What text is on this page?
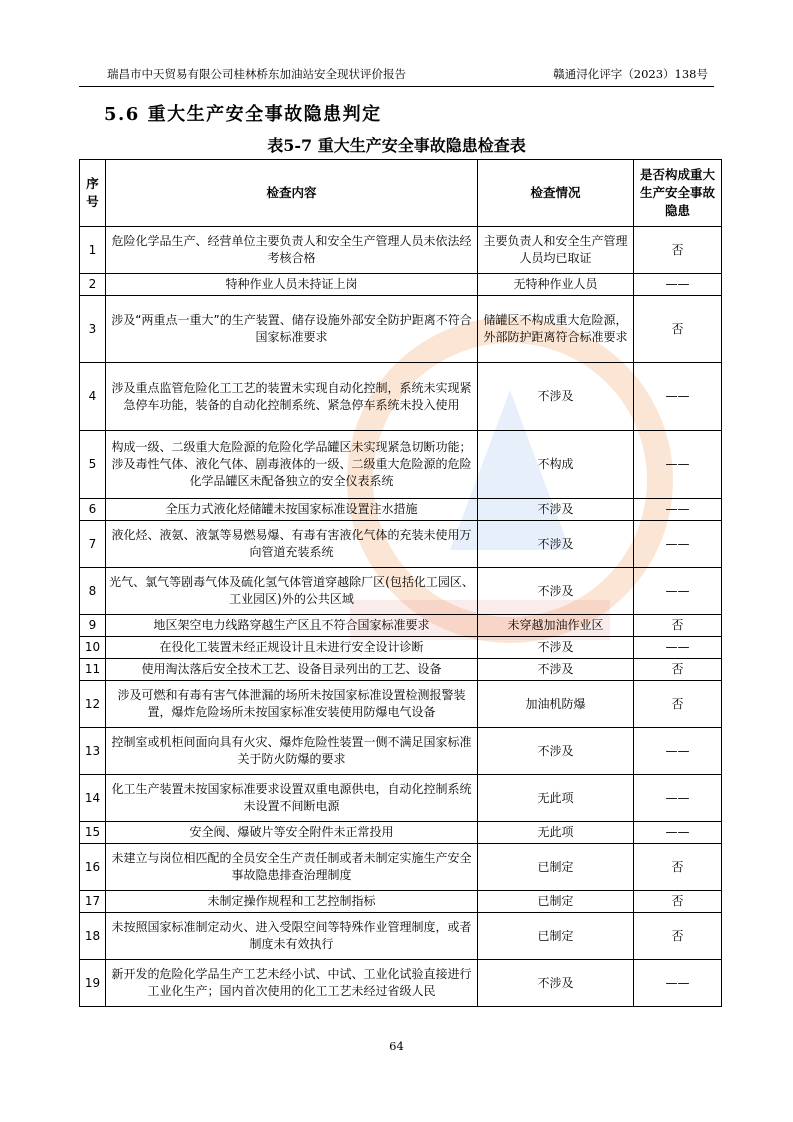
瑞昌市中天贸易有限公司桂林桥东加油站安全现状评价报告	赣通浔化评字（2023）138号
5.6 重大生产安全事故隐患判定
表5-7 重大生产安全事故隐患检查表
序号	检查内容	检查情况	是否构成重大生产安全事故隐患
1	危险化学品生产、经营单位主要负责人和安全生产管理人员未依法经考核合格	主要负责人和安全生产管理人员均已取证	否
2	特种作业人员未持证上岗	无特种作业人员	——
3	涉及“两重点一重大”的生产装置、储存设施外部安全防护距离不符合国家标准要求	储罐区不构成重大危险源，外部防护距离符合标准要求	否
4	涉及重点监管危险化工工艺的装置未实现自动化控制，系统未实现紧急停车功能，装备的自动化控制系统、紧急停车系统未投入使用	不涉及	——
5	构成一级、二级重大危险源的危险化学品罐区未实现紧急切断功能；涉及毒性气体、液化气体、剧毒液体的一级、二级重大危险源的危险化学品罐区未配备独立的安全仪表系统	不构成	——
6	全压力式液化烃储罐未按国家标准设置注水措施	不涉及	——
7	液化烃、液氨、液氯等易燃易爆、有毒有害液化气体的充装未使用万向管道充装系统	不涉及	——
8	光气、氯气等剧毒气体及硫化氢气体管道穿越除厂区(包括化工园区、工业园区)外的公共区域	不涉及	——
9	地区架空电力线路穿越生产区且不符合国家标准要求	未穿越加油作业区	否
10	在役化工装置未经正规设计且未进行安全设计诊断	不涉及	——
11	使用淘汰落后安全技术工艺、设备目录列出的工艺、设备	不涉及	否
12	涉及可燃和有毒有害气体泄漏的场所未按国家标准设置检测报警装置，爆炸危险场所未按国家标准安装使用防爆电气设备	加油机防爆	否
13	控制室或机柜间面向具有火灾、爆炸危险性装置一侧不满足国家标准关于防火防爆的要求	不涉及	——
14	化工生产装置未按国家标准要求设置双重电源供电，自动化控制系统未设置不间断电源	无此项	——
15	安全阀、爆破片等安全附件未正常投用	无此项	——
16	未建立与岗位相匹配的全员安全生产责任制或者未制定实施生产安全事故隐患排查治理制度	已制定	否
17	未制定操作规程和工艺控制指标	已制定	否
18	未按照国家标准制定动火、进入受限空间等特殊作业管理制度，或者制度未有效执行	已制定	否
19	新开发的危险化学品生产工艺未经小试、中试、工业化试验直接进行工业化生产；国内首次使用的化工工艺未经过省级人民	不涉及	——
64
